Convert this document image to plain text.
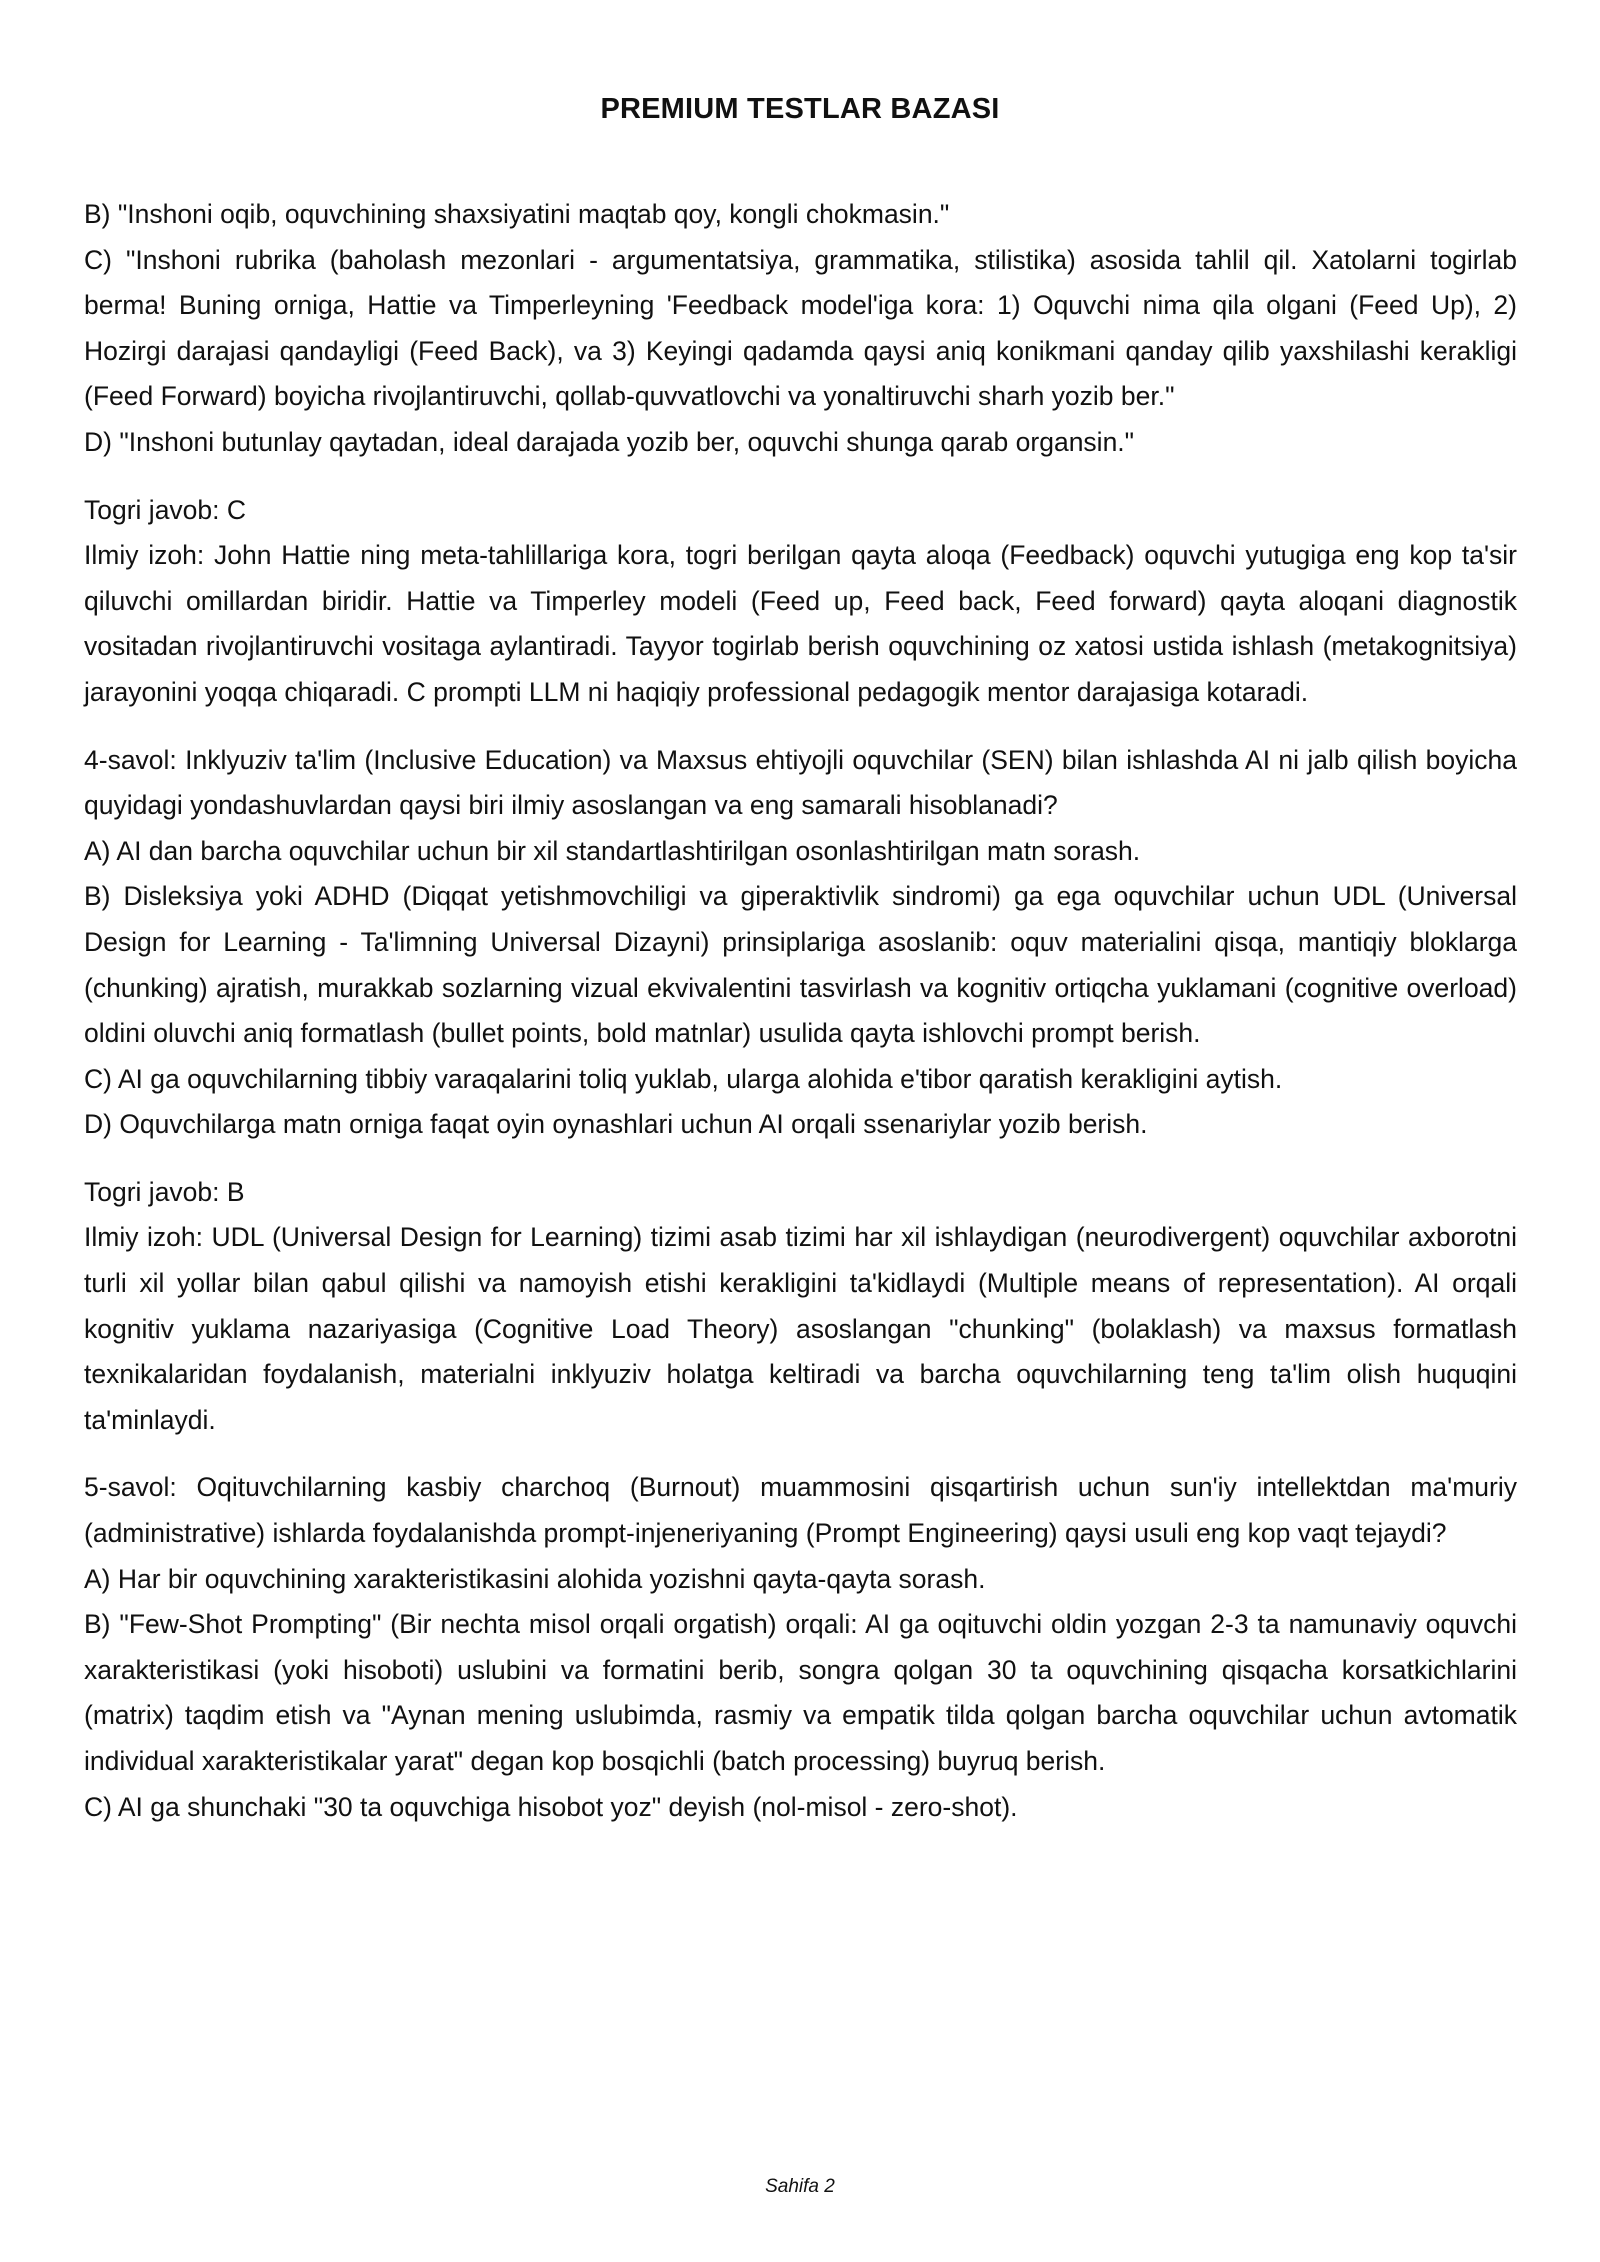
PREMIUM TESTLAR BAZASI

B) "Inshoni oqib, oquvchining shaxsiyatini maqtab qoy, kongli chokmasin."

C) "Inshoni rubrika (baholash mezonlari - argumentatsiya, grammatika, stilistika) asosida tahlil qil. Xatolarni togirlab berma! Buning orniga, Hattie va Timperleyning 'Feedback model'iga kora: 1) Oquvchi nima qila olgani (Feed Up), 2) Hozirgi darajasi qandayligi (Feed Back), va 3) Keyingi qadamda qaysi aniq konikmani qanday qilib yaxshilashi kerakligi (Feed Forward) boyicha rivojlantiruvchi, qollab-quvvatlovchi va yonaltiruvchi sharh yozib ber."

D) "Inshoni butunlay qaytadan, ideal darajada yozib ber, oquvchi shunga qarab organsin."

Togri javob: C

Ilmiy izoh: John Hattie ning meta-tahlillariga kora, togri berilgan qayta aloqa (Feedback) oquvchi yutugiga eng kop ta'sir qiluvchi omillardan biridir. Hattie va Timperley modeli (Feed up, Feed back, Feed forward) qayta aloqani diagnostik vositadan rivojlantiruvchi vositaga aylantiradi. Tayyor togirlab berish oquvchining oz xatosi ustida ishlash (metakognitsiya) jarayonini yoqqa chiqaradi. C prompti LLM ni haqiqiy professional pedagogik mentor darajasiga kotaradi.

4-savol: Inklyuziv ta'lim (Inclusive Education) va Maxsus ehtiyojli oquvchilar (SEN) bilan ishlashda AI ni jalb qilish boyicha quyidagi yondashuvlardan qaysi biri ilmiy asoslangan va eng samarali hisoblanadi?

A) AI dan barcha oquvchilar uchun bir xil standartlashtirilgan osonlashtirilgan matn sorash.

B) Disleksiya yoki ADHD (Diqqat yetishmovchiligi va giperaktivlik sindromi) ga ega oquvchilar uchun UDL (Universal Design for Learning - Ta'limning Universal Dizayni) prinsiplariga asoslanib: oquv materialini qisqa, mantiqiy bloklarga (chunking) ajratish, murakkab sozlarning vizual ekvivalentini tasvirlash va kognitiv ortiqcha yuklamani (cognitive overload) oldini oluvchi aniq formatlash (bullet points, bold matnlar) usulida qayta ishlovchi prompt berish.

C) AI ga oquvchilarning tibbiy varaqalarini toliq yuklab, ularga alohida e'tibor qaratish kerakligini aytish.

D) Oquvchilarga matn orniga faqat oyin oynashlari uchun AI orqali ssenariylar yozib berish.

Togri javob: B

Ilmiy izoh: UDL (Universal Design for Learning) tizimi asab tizimi har xil ishlaydigan (neurodivergent) oquvchilar axborotni turli xil yollar bilan qabul qilishi va namoyish etishi kerakligini ta'kidlaydi (Multiple means of representation). AI orqali kognitiv yuklama nazariyasiga (Cognitive Load Theory) asoslangan "chunking" (bolaklash) va maxsus formatlash texnikalaridan foydalanish, materialni inklyuziv holatga keltiradi va barcha oquvchilarning teng ta'lim olish huquqini ta'minlaydi.

5-savol: Oqituvchilarning kasbiy charchoq (Burnout) muammosini qisqartirish uchun sun'iy intellektdan ma'muriy (administrative) ishlarda foydalanishda prompt-injeneriyaning (Prompt Engineering) qaysi usuli eng kop vaqt tejaydi?

A) Har bir oquvchining xarakteristikasini alohida yozishni qayta-qayta sorash.

B) "Few-Shot Prompting" (Bir nechta misol orqali orgatish) orqali: AI ga oqituvchi oldin yozgan 2-3 ta namunaviy oquvchi xarakteristikasi (yoki hisoboti) uslubini va formatini berib, songra qolgan 30 ta oquvchining qisqacha korsatkichlarini (matrix) taqdim etish va "Aynan mening uslubimda, rasmiy va empatik tilda qolgan barcha oquvchilar uchun avtomatik individual xarakteristikalar yarat" degan kop bosqichli (batch processing) buyruq berish.

C) AI ga shunchaki "30 ta oquvchiga hisobot yoz" deyish (nol-misol - zero-shot).

Sahifa 2
